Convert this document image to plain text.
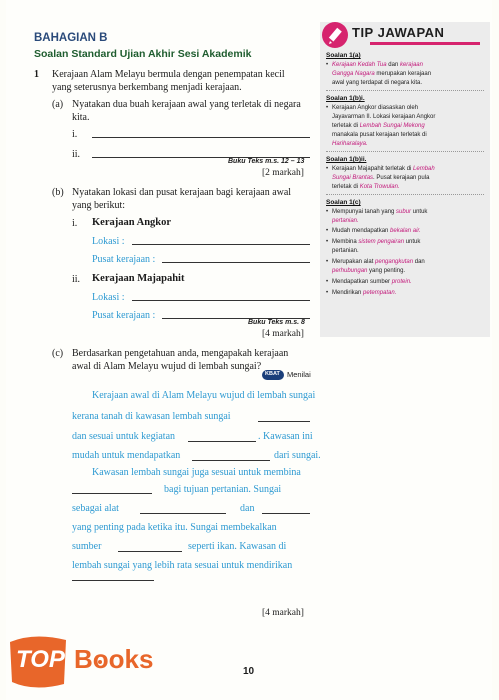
BAHAGIAN B
Soalan Standard Ujian Akhir Sesi Akademik
1 Kerajaan Alam Melayu bermula dengan penempatan kecil
yang seterusnya berkembang menjadi kerajaan.
(a) Nyatakan dua buah kerajaan awal yang terletak di negara
kita.
i.
ii.
Buku Teks m.s. 12 – 13
[2 markah]
(b) Nyatakan lokasi dan pusat kerajaan bagi kerajaan awal
yang berikut:
i. Kerajaan Angkor
Lokasi :
Pusat kerajaan :
ii. Kerajaan Majapahit
Lokasi :
Pusat kerajaan :
Buku Teks m.s. 8
[4 markah]
(c) Berdasarkan pengetahuan anda, mengapakah kerajaan
awal di Alam Melayu wujud di lembah sungai?
KBAT Menilai
Kerajaan awal di Alam Melayu wujud di lembah sungai
kerana tanah di kawasan lembah sungai
dan sesuai untuk kegiatan	. Kawasan ini
mudah untuk mendapatkan	dari sungai.
Kawasan lembah sungai juga sesuai untuk membina
bagi tujuan pertanian. Sungai
sebagai alat	dan
yang penting pada ketika itu. Sungai membekalkan
sumber	seperti ikan. Kawasan di
lembah sungai yang lebih rata sesuai untuk mendirikan
[4 markah]
TIP JAWAPAN
Soalan 1(a)
• Kerajaan Kedah Tua dan kerajaan
Gangga Nagara merupakan kerajaan
awal yang terdapat di negara kita.
Soalan 1(b)i.
• Kerajaan Angkor diasaskan oleh
Jayavarman II. Lokasi kerajaan Angkor
terletak di Lembah Sungai Mekong
manakala pusat kerajaan terletak di
Hariharalaya.
Soalan 1(b)ii.
• Kerajaan Majapahit terletak di Lembah
Sungai Brantas. Pusat kerajaan pula
terletak di Kota Trowulan.
Soalan 1(c)
• Mempunyai tanah yang subur untuk
pertanian.
• Mudah mendapatkan bekalan air.
• Membina sistem pengairan untuk
pertanian.
• Merupakan alat pengangkutan dan
perhubungan yang penting.
• Mendapatkan sumber protein.
• Mendirikan petempatan.
10
TOP Books
